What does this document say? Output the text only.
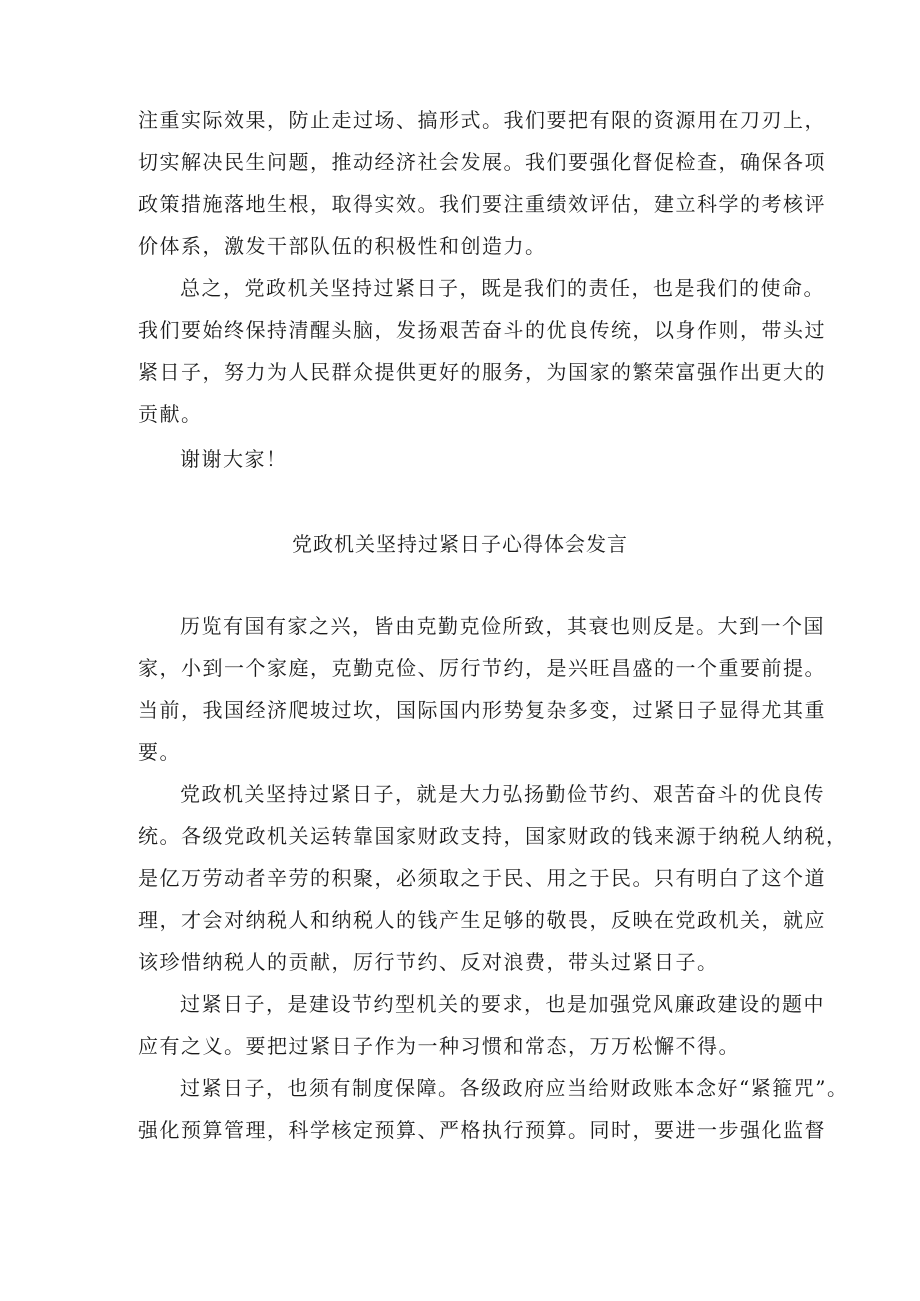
注重实际效果，防止走过场、搞形式。我们要把有限的资源用在刀刃上，
切实解决民生问题，推动经济社会发展。我们要强化督促检查，确保各项
政策措施落地生根，取得实效。我们要注重绩效评估，建立科学的考核评
价体系，激发干部队伍的积极性和创造力。
总之，党政机关坚持过紧日子，既是我们的责任，也是我们的使命。
我们要始终保持清醒头脑，发扬艰苦奋斗的优良传统，以身作则，带头过
紧日子，努力为人民群众提供更好的服务，为国家的繁荣富强作出更大的
贡献。
谢谢大家！
党政机关坚持过紧日子心得体会发言
历览有国有家之兴，皆由克勤克俭所致，其衰也则反是。大到一个国
家，小到一个家庭，克勤克俭、厉行节约，是兴旺昌盛的一个重要前提。
当前，我国经济爬坡过坎，国际国内形势复杂多变，过紧日子显得尤其重
要。
党政机关坚持过紧日子，就是大力弘扬勤俭节约、艰苦奋斗的优良传
统。各级党政机关运转靠国家财政支持，国家财政的钱来源于纳税人纳税，
是亿万劳动者辛劳的积聚，必须取之于民、用之于民。只有明白了这个道
理，才会对纳税人和纳税人的钱产生足够的敬畏，反映在党政机关，就应
该珍惜纳税人的贡献，厉行节约、反对浪费，带头过紧日子。
过紧日子，是建设节约型机关的要求，也是加强党风廉政建设的题中
应有之义。要把过紧日子作为一种习惯和常态，万万松懈不得。
过紧日子，也须有制度保障。各级政府应当给财政账本念好“紧箍咒”。
强化预算管理，科学核定预算、严格执行预算。同时，要进一步强化监督
